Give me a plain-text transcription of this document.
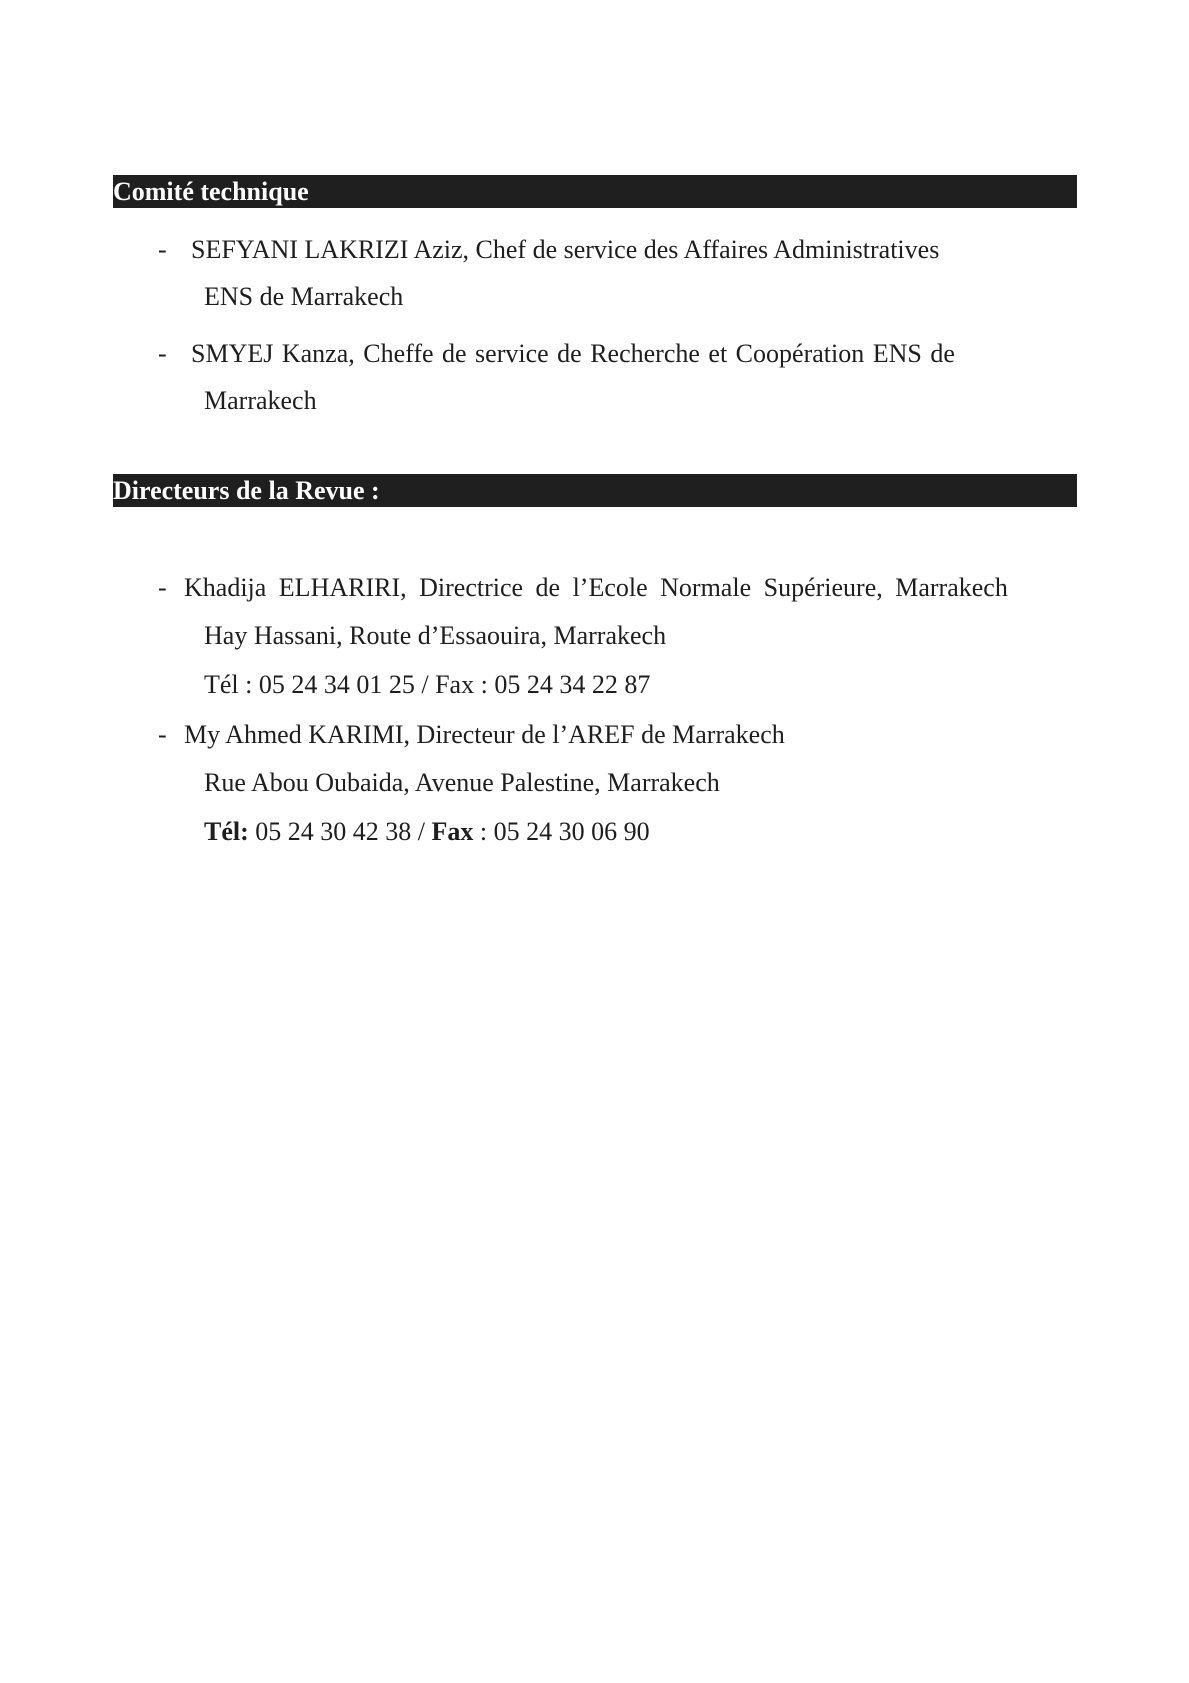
Comité technique
- SEFYANI LAKRIZI Aziz, Chef de service des Affaires Administratives
ENS de Marrakech
- SMYEJ Kanza, Cheffe de service de Recherche et Coopération ENS de
Marrakech
Directeurs de la Revue :
- Khadija ELHARIRI, Directrice de l’Ecole Normale Supérieure, Marrakech
Hay Hassani, Route d’Essaouira, Marrakech
Tél : 05 24 34 01 25 / Fax : 05 24 34 22 87
- My Ahmed KARIMI, Directeur de l’AREF de Marrakech
Rue Abou Oubaida, Avenue Palestine, Marrakech
Tél: 05 24 30 42 38 / Fax : 05 24 30 06 90
